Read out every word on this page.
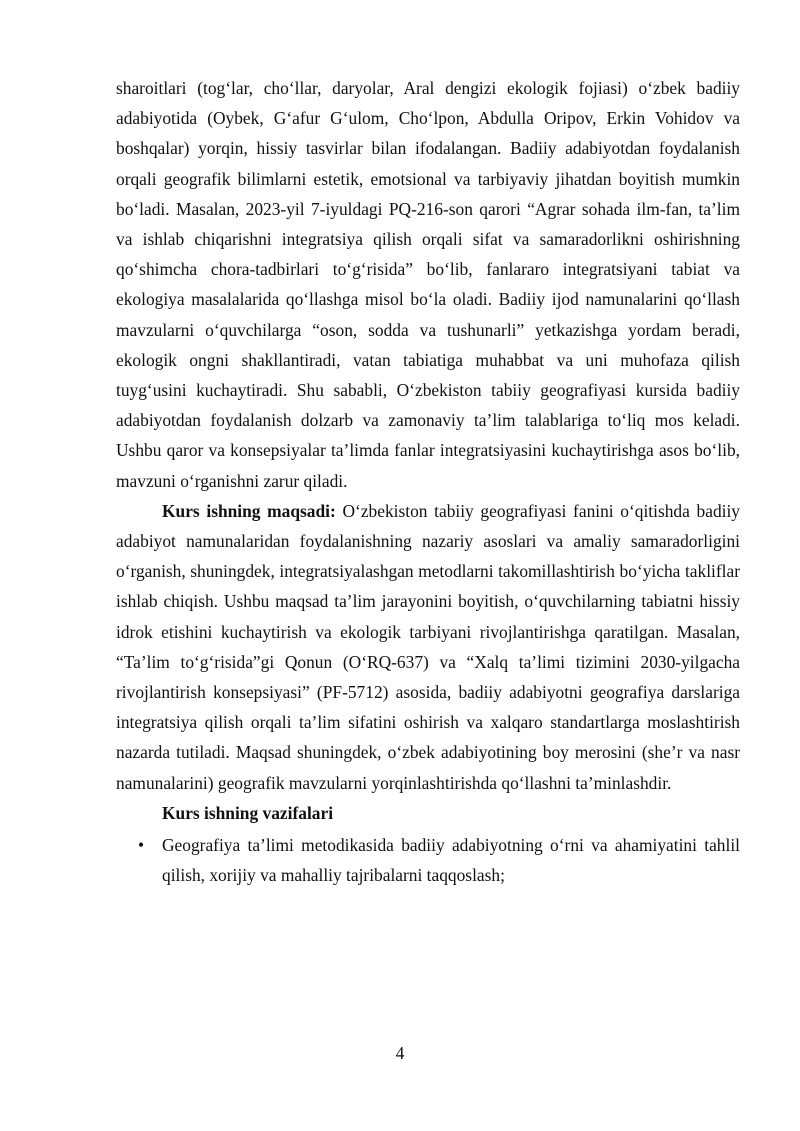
sharoitlari (tog‘lar, cho‘llar, daryolar, Aral dengizi ekologik fojiasi) o‘zbek badiiy adabiyotida (Oybek, G‘afur G‘ulom, Cho‘lpon, Abdulla Oripov, Erkin Vohidov va boshqalar) yorqin, hissiy tasvirlar bilan ifodalangan. Badiiy adabiyotdan foydalanish orqali geografik bilimlarni estetik, emotsional va tarbiyaviy jihatdan boyitish mumkin bo‘ladi. Masalan, 2023-yil 7-iyuldagi PQ-216-son qarori “Agrar sohada ilm-fan, ta’lim va ishlab chiqarishni integratsiya qilish orqali sifat va samaradorlikni oshirishning qo‘shimcha chora-tadbirlari to‘g‘risida” bo‘lib, fanlararo integratsiyani tabiat va ekologiya masalalarida qo‘llashga misol bo‘la oladi. Badiiy ijod namunalarini qo‘llash mavzularni o‘quvchilarga “oson, sodda va tushunarli” yetkazishga yordam beradi, ekologik ongni shakllantiradi, vatan tabiatiga muhabbat va uni muhofaza qilish tuyg‘usini kuchaytiradi. Shu sababli, O‘zbekiston tabiiy geografiyasi kursida badiiy adabiyotdan foydalanish dolzarb va zamonaviy ta’lim talablariga to‘liq mos keladi. Ushbu qaror va konsepsiyalar ta’limda fanlar integratsiyasini kuchaytirishga asos bo‘lib, mavzuni o‘rganishni zarur qiladi.

Kurs ishning maqsadi: O‘zbekiston tabiiy geografiyasi fanini o‘qitishda badiiy adabiyot namunalaridan foydalanishning nazariy asoslari va amaliy samaradorligini o‘rganish, shuningdek, integratsiyalashgan metodlarni takomillashtirish bo‘yicha takliflar ishlab chiqish. Ushbu maqsad ta’lim jarayonini boyitish, o‘quvchilarning tabiatni hissiy idrok etishini kuchaytirish va ekologik tarbiyani rivojlantirishga qaratilgan. Masalan, “Ta’lim to‘g‘risida”gi Qonun (O‘RQ-637) va “Xalq ta’limi tizimini 2030-yilgacha rivojlantirish konsepsiyasi” (PF-5712) asosida, badiiy adabiyotni geografiya darslariga integratsiya qilish orqali ta’lim sifatini oshirish va xalqaro standartlarga moslashtirish nazarda tutiladi. Maqsad shuningdek, o‘zbek adabiyotining boy merosini (she’r va nasr namunalarini) geografik mavzularni yorqinlashtirishda qo‘llashni ta’minlashdir.

Kurs ishning vazifalari

• Geografiya ta’limi metodikasida badiiy adabiyotning o‘rni va ahamiyatini tahlil qilish, xorijiy va mahalliy tajribalarni taqqoslash;
4
